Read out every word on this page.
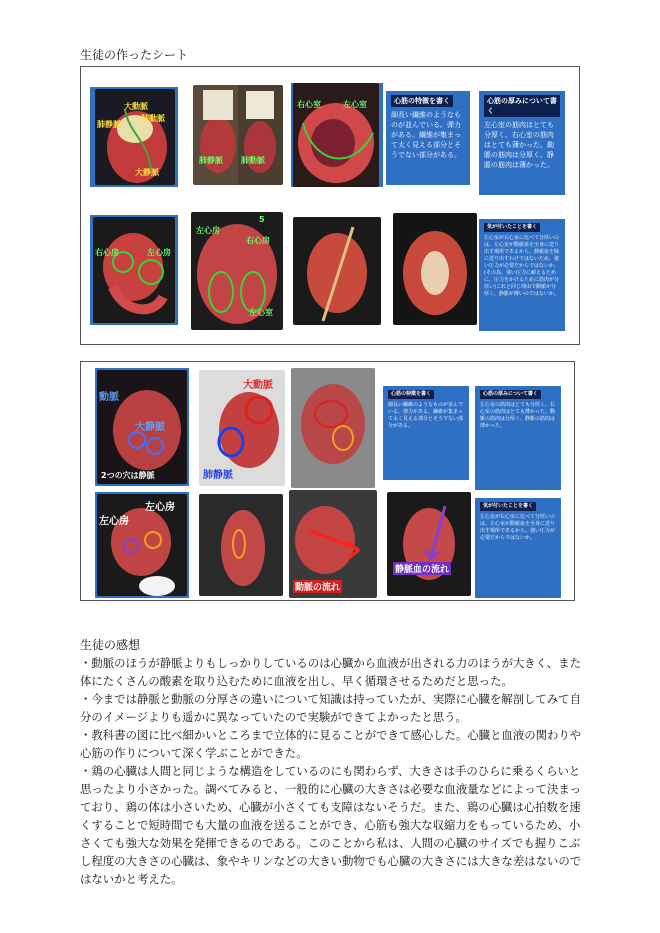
生徒の作ったシート
大動脈
肺静脈
肺動脈
大静脈
肺静脈 肺動脈
右心室	左心室	心筋の特徴を書く
細長い繊維のようなものが並んでいる。弾力がある。繊維が集まって太く見える部分とそうでない部分がある。
心筋の厚みについて書く
左心室の筋肉はとても分厚く、右心室の筋肉はとても薄かった。動脈の筋肉は分厚く、静脈の筋肉は薄かった。
右心房	左心房
左心房
右心房
5
左心室
気が付いたことを書く
左心室が右心室に比べて分厚いのは、左心室が動脈血を全身に送り出す場所であるから。静脈血を肺に送り出すわけではないため、強い圧力が必要だからではないか。(その為、強い圧力に耐えるために、圧力をかけるために筋肉が分厚い)これと同じ理由で動脈が分厚く、静脈が薄いのではないか。
動脈
大静脈
2つの穴は静脈
大動脈
肺静脈
心筋の特徴を書く
細長い繊維のようなものが並んでいる。弾力がある。繊維が集まって太く見える部分とそうでない部分がある。
心筋の厚みについて書く
左心室の筋肉はとても分厚く、右心室の筋肉はとても薄かった。動脈の筋肉は分厚く、静脈の筋肉は薄かった。
左心房
左心房
動脈の流れ
静脈血の流れ
気が付いたことを書く
左心室が右心室に比べて分厚いのは、左心室が動脈血を全身に送り出す場所であるから。強い圧力が必要だからではないか。
生徒の感想
・動脈のほうが静脈よりもしっかりしているのは心臓から血液が出される力のほうが大きく、また体にたくさんの酸素を取り込むために血液を出し、早く循環させるためだと思った。
・今までは静脈と動脈の分厚さの違いについて知識は持っていたが、実際に心臓を解剖してみて自分のイメージよりも遥かに異なっていたので実験ができてよかったと思う。
・教科書の図に比べ細かいところまで立体的に見ることができて感心した。心臓と血液の関わりや心筋の作りについて深く学ぶことができた。
・鶏の心臓は人間と同じような構造をしているのにも関わらず、大きさは手のひらに乗るくらいと思ったより小さかった。調べてみると、一般的に心臓の大きさは必要な血液量などによって決まっており、鶏の体は小さいため、心臓が小さくても支障はないそうだ。また、鶏の心臓は心拍数を速くすることで短時間でも大量の血液を送ることができ、心筋も強大な収縮力をもっているため、小さくても強大な効果を発揮できるのである。このことから私は、人間の心臓のサイズでも握りこぶし程度の大きさの心臓は、象やキリンなどの大きい動物でも心臓の大きさには大きな差はないのではないかと考えた。
